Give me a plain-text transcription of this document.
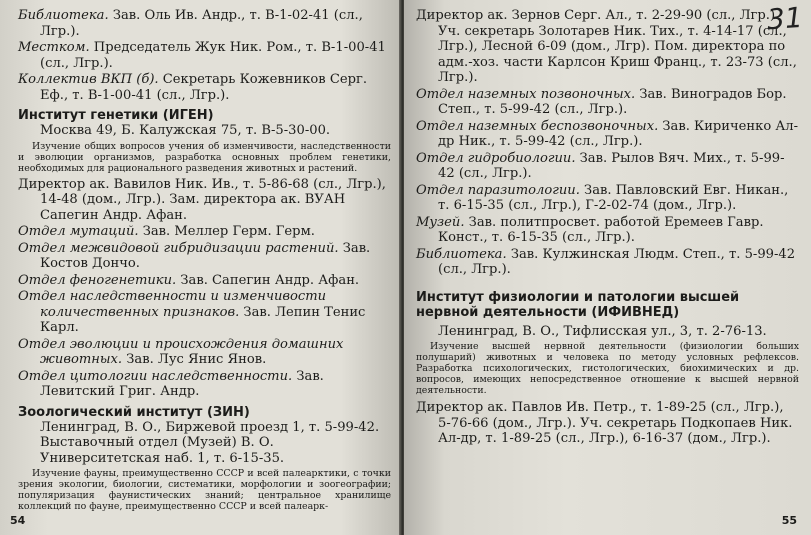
Библиотека. Зав. Оль Ив. Андр., т. В-1-02-41 (сл., Лгр.).

Местком. Председатель Жук Ник. Ром., т. В-1-00-41 (сл., Лгр.).

Коллектив ВКП (б). Секретарь Кожевников Серг. Еф., т. В-1-00-41 (сл., Лгр.).

Институт генетики (ИГЕН)

Москва 49, Б. Калужская 75, т. В-5-30-00.

Изучение общих вопросов учения об изменчивости, наследственности и эволюции организмов, разработка основных проблем генетики, необходимых для рационального разведения животных и растений.

Директор ак. Вавилов Ник. Ив., т. 5-86-68 (сл., Лгр.), 14-48 (дом., Лгр.). Зам. директора ак. ВУАН Сапегин Андр. Афан.

Отдел мутаций. Зав. Меллер Герм. Герм.

Отдел межвидовой гибридизации растений. Зав. Костов Дончо.

Отдел феногенетики. Зав. Сапегин Андр. Афан.

Отдел наследственности и изменчивости количественных признаков. Зав. Лепин Тенис Карл.

Отдел эволюции и происхождения домашних животных. Зав. Лус Янис Янов.

Отдел цитологии наследственности. Зав. Левитский Григ. Андр.

Зоологический институт (ЗИН)

Ленинград, В. О., Биржевой проезд 1, т. 5-99-42. Выставочный отдел (Музей) В. О. Университетская наб. 1, т. 6-15-35.

Изучение фауны, преимущественно СССР и всей палеарктики, с точки зрения экологии, биологии, систематики, морфологии и зоогеографии; популяризация фаунистических знаний; центральное хранилище коллекций по фауне, преимущественно СССР и всей палеарк-

54
31

Директор ак. Зернов Серг. Ал., т. 2-29-90 (сл., Лгр.). Уч. секретарь Золотарев Ник. Тих., т. 4-14-17 (сл., Лгр.), Лесной 6-09 (дом., Лгр). Пом. директора по адм.-хоз. части Карлсон Криш Франц., т. 23-73 (сл., Лгр.).

Отдел наземных позвоночных. Зав. Виноградов Бор. Степ., т. 5-99-42 (сл., Лгр.).

Отдел наземных беспозвоночных. Зав. Кириченко Ал-др Ник., т. 5-99-42 (сл., Лгр.).

Отдел гидробиологии. Зав. Рылов Вяч. Мих., т. 5-99-42 (сл., Лгр.).

Отдел паразитологии. Зав. Павловский Евг. Никан., т. 6-15-35 (сл., Лгр.), Г-2-02-74 (дом., Лгр.).

Музей. Зав. политпросвет. работой Еремеев Гавр. Конст., т. 6-15-35 (сл., Лгр.).

Библиотека. Зав. Кулжинская Людм. Степ., т. 5-99-42 (сл., Лгр.).

Институт физиологии и патологии высшей нервной деятельности (ИФИВНЕД)

Ленинград, В. О., Тифлисская ул., 3, т. 2-76-13.

Изучение высшей нервной деятельности (физиологии больших полушарий) животных и человека по методу условных рефлексов. Разработка психологических, гистологических, биохимических и др. вопросов, имеющих непосредственное отношение к высшей нервной деятельности.

Директор ак. Павлов Ив. Петр., т. 1-89-25 (сл., Лгр.), 5-76-66 (дом., Лгр.). Уч. секретарь Подкопаев Ник. Ал-др, т. 1-89-25 (сл., Лгр.), 6-16-37 (дом., Лгр.).

55
